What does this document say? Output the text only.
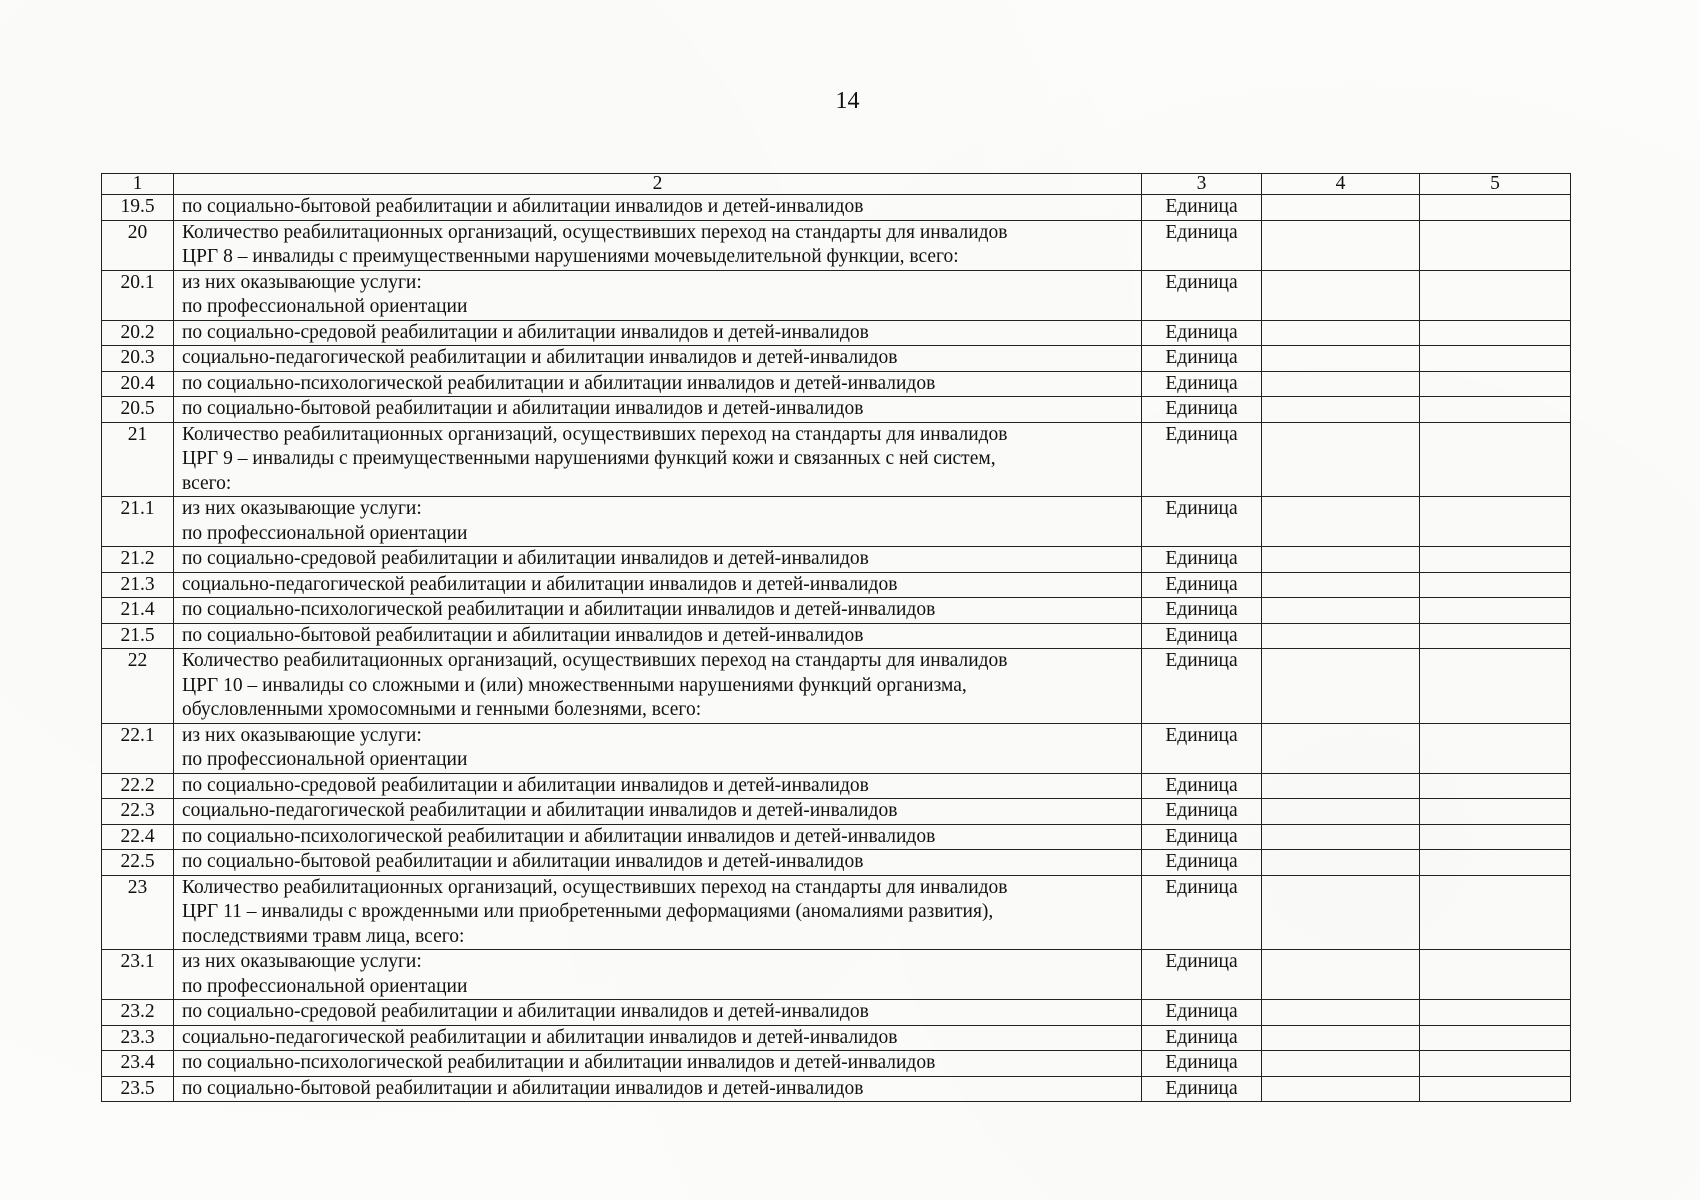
14
1	2	3	4	5
19.5	по социально-бытовой реабилитации и абилитации инвалидов и детей-инвалидов	Единица		
20	Количество реабилитационных организаций, осуществивших переход на стандарты для инвалидов
ЦРГ 8 – инвалиды с преимущественными нарушениями мочевыделительной функции, всего:	Единица		
20.1	из них оказывающие услуги:
по профессиональной ориентации	Единица		
20.2	по социально-средовой реабилитации и абилитации инвалидов и детей-инвалидов	Единица		
20.3	социально-педагогической реабилитации и абилитации инвалидов и детей-инвалидов	Единица		
20.4	по социально-психологической реабилитации и абилитации инвалидов и детей-инвалидов	Единица		
20.5	по социально-бытовой реабилитации и абилитации инвалидов и детей-инвалидов	Единица		
21	Количество реабилитационных организаций, осуществивших переход на стандарты для инвалидов
ЦРГ 9 – инвалиды с преимущественными нарушениями функций кожи и связанных с ней систем,
всего:	Единица		
21.1	из них оказывающие услуги:
по профессиональной ориентации	Единица		
21.2	по социально-средовой реабилитации и абилитации инвалидов и детей-инвалидов	Единица		
21.3	социально-педагогической реабилитации и абилитации инвалидов и детей-инвалидов	Единица		
21.4	по социально-психологической реабилитации и абилитации инвалидов и детей-инвалидов	Единица		
21.5	по социально-бытовой реабилитации и абилитации инвалидов и детей-инвалидов	Единица		
22	Количество реабилитационных организаций, осуществивших переход на стандарты для инвалидов
ЦРГ 10 – инвалиды со сложными и (или) множественными нарушениями функций организма,
обусловленными хромосомными и генными болезнями, всего:	Единица		
22.1	из них оказывающие услуги:
по профессиональной ориентации	Единица		
22.2	по социально-средовой реабилитации и абилитации инвалидов и детей-инвалидов	Единица		
22.3	социально-педагогической реабилитации и абилитации инвалидов и детей-инвалидов	Единица		
22.4	по социально-психологической реабилитации и абилитации инвалидов и детей-инвалидов	Единица		
22.5	по социально-бытовой реабилитации и абилитации инвалидов и детей-инвалидов	Единица		
23	Количество реабилитационных организаций, осуществивших переход на стандарты для инвалидов
ЦРГ 11 – инвалиды с врожденными или приобретенными деформациями (аномалиями развития),
последствиями травм лица, всего:	Единица		
23.1	из них оказывающие услуги:
по профессиональной ориентации	Единица		
23.2	по социально-средовой реабилитации и абилитации инвалидов и детей-инвалидов	Единица		
23.3	социально-педагогической реабилитации и абилитации инвалидов и детей-инвалидов	Единица		
23.4	по социально-психологической реабилитации и абилитации инвалидов и детей-инвалидов	Единица		
23.5	по социально-бытовой реабилитации и абилитации инвалидов и детей-инвалидов	Единица		
